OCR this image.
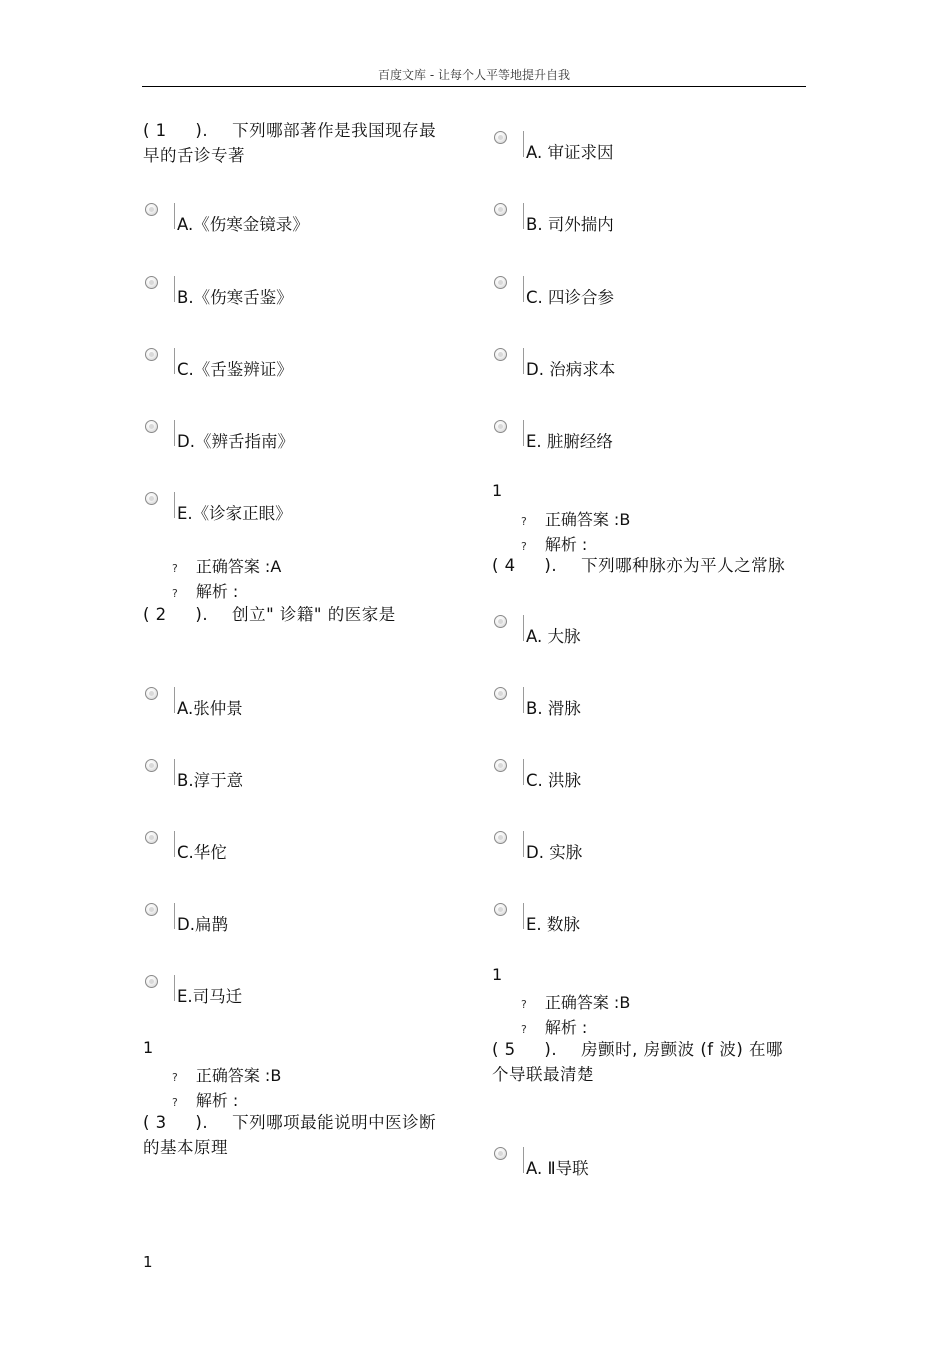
百度文库 - 让每个人平等地提升自我
( 1     ). 下列哪部著作是我国现存最
早的舌诊专著
A.《伤寒金镜录》
B.《伤寒舌鉴》
C.《舌鉴辨证》
D.《辨舌指南》
E.《诊家正眼》
? 正确答案 :A
? 解析 :
( 2     ). 创立" 诊籍" 的医家是
A.张仲景
B.淳于意
C.华佗
D.扁鹊
E.司马迁
1
? 正确答案 :B
? 解析 :
( 3     ). 下列哪项最能说明中医诊断
的基本原理
A. 审证求因
B. 司外揣内
C. 四诊合参
D. 治病求本
E. 脏腑经络
1
? 正确答案 :B
? 解析 :
( 4     ). 下列哪种脉亦为平人之常脉
A. 大脉
B. 滑脉
C. 洪脉
D. 实脉
E. 数脉
1
? 正确答案 :B
? 解析 :
( 5     ). 房颤时, 房颤波 (f 波) 在哪
个导联最清楚
A. Ⅱ导联
1
